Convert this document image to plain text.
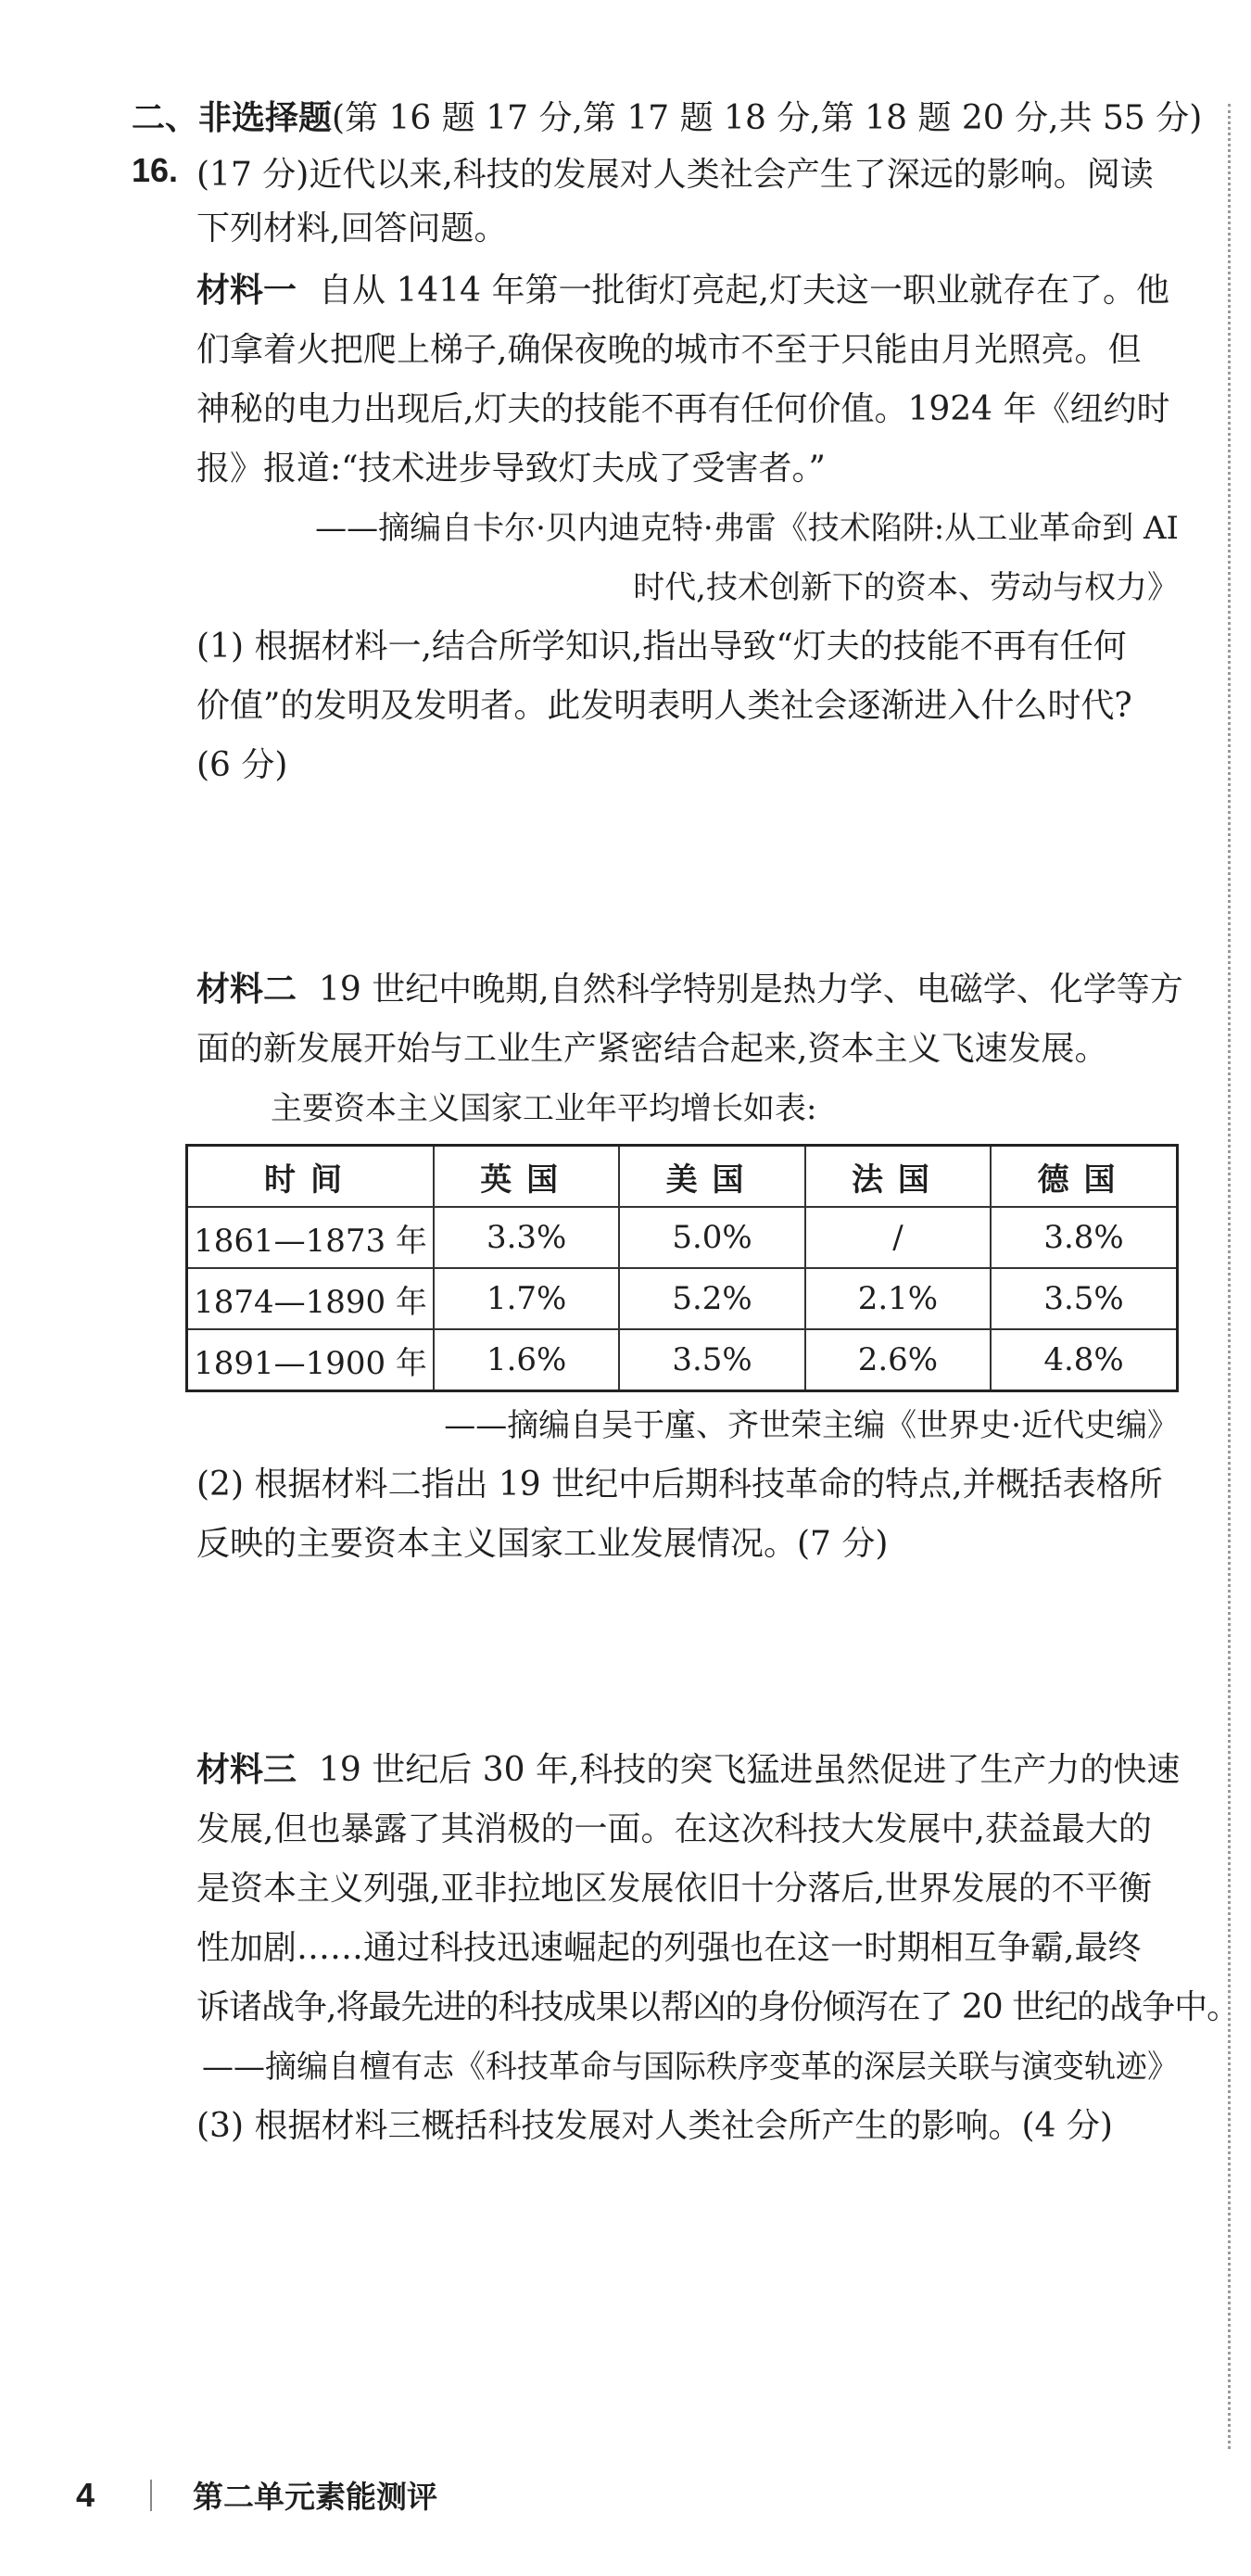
二、非选择题(第 16 题 17 分,第 17 题 18 分,第 18 题 20 分,共 55 分)
16. (17 分)近代以来,科技的发展对人类社会产生了深远的影响。阅读
下列材料,回答问题。
材料一 自从 1414 年第一批街灯亮起,灯夫这一职业就存在了。他
们拿着火把爬上梯子,确保夜晚的城市不至于只能由月光照亮。但
神秘的电力出现后,灯夫的技能不再有任何价值。1924 年《纽约时
报》报道:“技术进步导致灯夫成了受害者。”
——摘编自卡尔·贝内迪克特·弗雷《技术陷阱:从工业革命到 AI
时代,技术创新下的资本、劳动与权力》
(1) 根据材料一,结合所学知识,指出导致“灯夫的技能不再有任何
价值”的发明及发明者。此发明表明人类社会逐渐进入什么时代?
(6 分)
材料二 19 世纪中晚期,自然科学特别是热力学、电磁学、化学等方
面的新发展开始与工业生产紧密结合起来,资本主义飞速发展。
主要资本主义国家工业年平均增长如表:
时间	英国	美国	法国	德国
1861—1873 年	3.3%	5.0%	/	3.8%
1874—1890 年	1.7%	5.2%	2.1%	3.5%
1891—1900 年	1.6%	3.5%	2.6%	4.8%
——摘编自吴于廑、齐世荣主编《世界史·近代史编》
(2) 根据材料二指出 19 世纪中后期科技革命的特点,并概括表格所
反映的主要资本主义国家工业发展情况。(7 分)
材料三 19 世纪后 30 年,科技的突飞猛进虽然促进了生产力的快速
发展,但也暴露了其消极的一面。在这次科技大发展中,获益最大的
是资本主义列强,亚非拉地区发展依旧十分落后,世界发展的不平衡
性加剧……通过科技迅速崛起的列强也在这一时期相互争霸,最终
诉诸战争,将最先进的科技成果以帮凶的身份倾泻在了 20 世纪的战争中。
——摘编自檀有志《科技革命与国际秩序变革的深层关联与演变轨迹》
(3) 根据材料三概括科技发展对人类社会所产生的影响。(4 分)
4	第二单元素能测评
